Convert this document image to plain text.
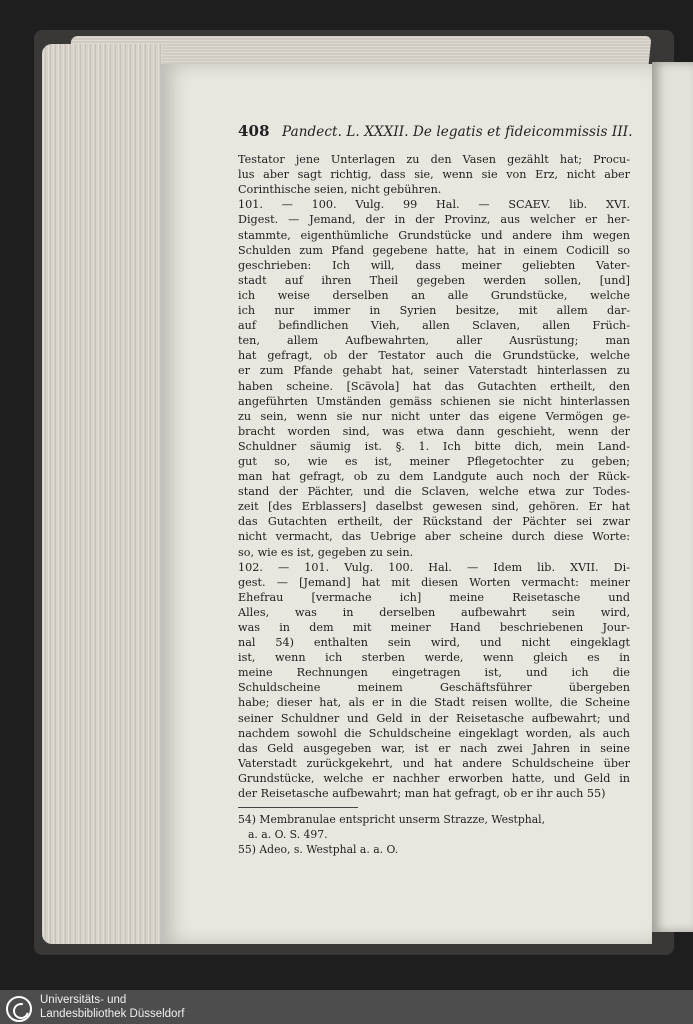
408 Pandect. L. XXXII. De legatis et fideicommissis III.
Testator jene Unterlagen zu den Vasen gezählt hat; Procu-
lus aber sagt richtig, dass sie, wenn sie von Erz, nicht aber
Corinthische seien, nicht gebühren.
101. — 100. Vulg. 99 Hal. — SCAEV. lib. XVI.
Digest. — Jemand, der in der Provinz, aus welcher er her-
stammte, eigenthümliche Grundstücke und andere ihm wegen
Schulden zum Pfand gegebene hatte, hat in einem Codicill so
geschrieben: Ich will, dass meiner geliebten Vater-
stadt auf ihren Theil gegeben werden sollen, [und]
ich weise derselben an alle Grundstücke, welche
ich nur immer in Syrien besitze, mit allem dar-
auf befindlichen Vieh, allen Sclaven, allen Früch-
ten, allem Aufbewahrten, aller Ausrüstung; man
hat gefragt, ob der Testator auch die Grundstücke, welche
er zum Pfande gehabt hat, seiner Vaterstadt hinterlassen zu
haben scheine. [Scävola] hat das Gutachten ertheilt, den
angeführten Umständen gemäss schienen sie nicht hinterlassen
zu sein, wenn sie nur nicht unter das eigene Vermögen ge-
bracht worden sind, was etwa dann geschieht, wenn der
Schuldner säumig ist. §. 1. Ich bitte dich, mein Land-
gut so, wie es ist, meiner Pflegetochter zu geben;
man hat gefragt, ob zu dem Landgute auch noch der Rück-
stand der Pächter, und die Sclaven, welche etwa zur Todes-
zeit [des Erblassers] daselbst gewesen sind, gehören. Er hat
das Gutachten ertheilt, der Rückstand der Pächter sei zwar
nicht vermacht, das Uebrige aber scheine durch diese Worte:
so, wie es ist, gegeben zu sein.
102. — 101. Vulg. 100. Hal. — Idem lib. XVII. Di-
gest. — [Jemand] hat mit diesen Worten vermacht: meiner
Ehefrau [vermache ich] meine Reisetasche und
Alles, was in derselben aufbewahrt sein wird,
was in dem mit meiner Hand beschriebenen Jour-
nal 54) enthalten sein wird, und nicht eingeklagt
ist, wenn ich sterben werde, wenn gleich es in
meine Rechnungen eingetragen ist, und ich die
Schuldscheine meinem Geschäftsführer übergeben
habe; dieser hat, als er in die Stadt reisen wollte, die Scheine
seiner Schuldner und Geld in der Reisetasche aufbewahrt; und
nachdem sowohl die Schuldscheine eingeklagt worden, als auch
das Geld ausgegeben war, ist er nach zwei Jahren in seine
Vaterstadt zurückgekehrt, und hat andere Schuldscheine über
Grundstücke, welche er nachher erworben hatte, und Geld in
der Reisetasche aufbewahrt; man hat gefragt, ob er ihr auch 55)
54) Membranulae entspricht unserm Strazze, Westphal,
a. a. O. S. 497.
55) Adeo, s. Westphal a. a. O.
Universitäts- und
Landesbibliothek Düsseldorf
